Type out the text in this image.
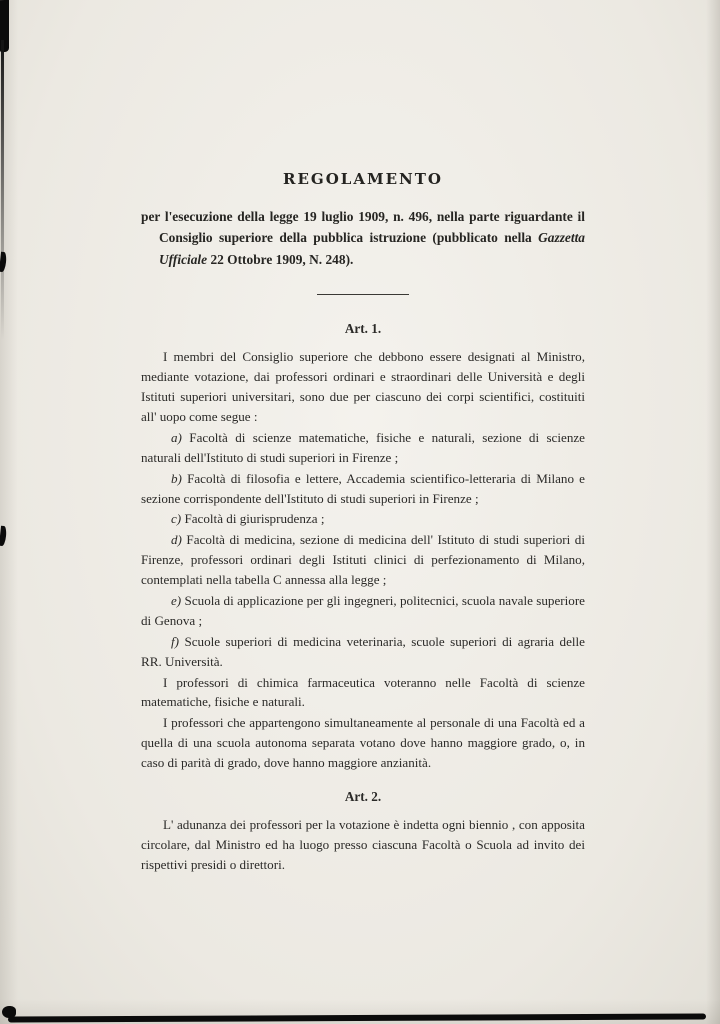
REGOLAMENTO

per l'esecuzione della legge 19 luglio 1909, n. 496, nella parte riguardante il Consiglio superiore della pubblica istruzione (pubblicato nella Gazzetta Ufficiale 22 Ottobre 1909, N. 248).

Art. 1.

I membri del Consiglio superiore che debbono essere designati al Ministro, mediante votazione, dai professori ordinari e straordinari delle Università e degli Istituti superiori universitari, sono due per ciascuno dei corpi scientifici, costituiti all' uopo come segue :

a) Facoltà di scienze matematiche, fisiche e naturali, sezione di scienze naturali dell'Istituto di studi superiori in Firenze ;

b) Facoltà di filosofia e lettere, Accademia scientifico-letteraria di Milano e sezione corrispondente dell'Istituto di studi superiori in Firenze ;

c) Facoltà di giurisprudenza ;

d) Facoltà di medicina, sezione di medicina dell' Istituto di studi superiori di Firenze, professori ordinari degli Istituti clinici di perfezionamento di Milano, contemplati nella tabella C annessa alla legge ;

e) Scuola di applicazione per gli ingegneri, politecnici, scuola navale superiore di Genova ;

f) Scuole superiori di medicina veterinaria, scuole superiori di agraria delle RR. Università.

I professori di chimica farmaceutica voteranno nelle Facoltà di scienze matematiche, fisiche e naturali.

I professori che appartengono simultaneamente al personale di una Facoltà ed a quella di una scuola autonoma separata votano dove hanno maggiore grado, o, in caso di parità di grado, dove hanno maggiore anzianità.

Art. 2.

L' adunanza dei professori per la votazione è indetta ogni biennio , con apposita circolare, dal Ministro ed ha luogo presso ciascuna Facoltà o Scuola ad invito dei rispettivi presidi o direttori.
